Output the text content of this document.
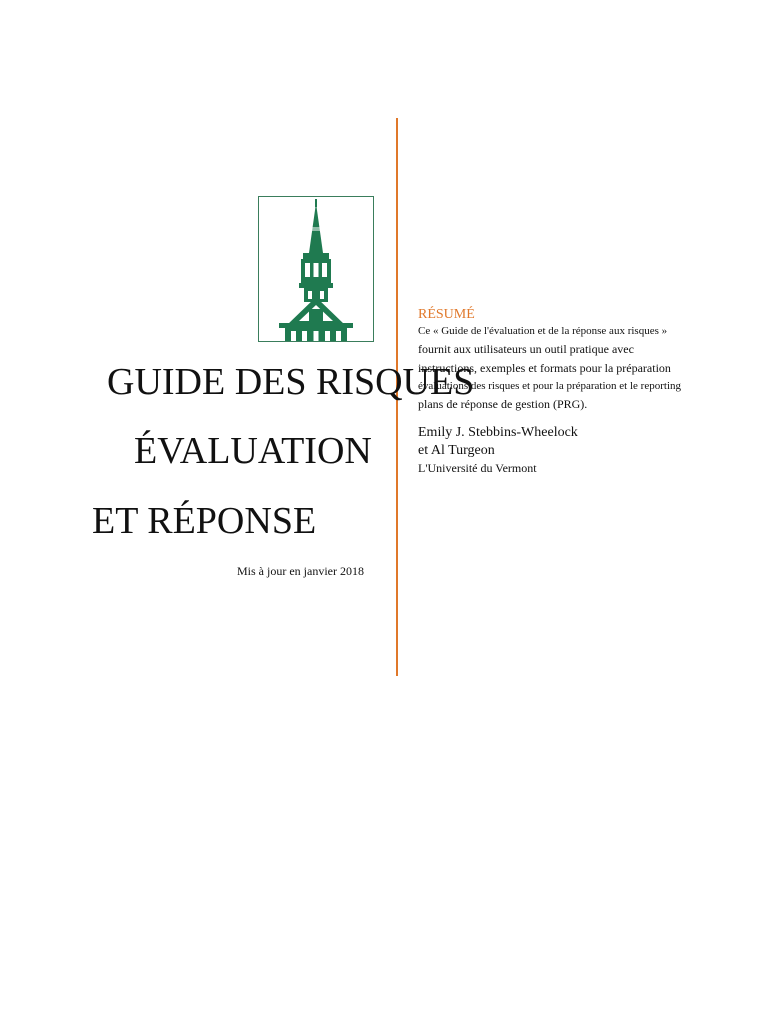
GUIDE DES RISQUES
ÉVALUATION
ET RÉPONSE
Mis à jour en janvier 2018
RÉSUMÉ
Ce « Guide de l'évaluation et de la réponse aux risques »
fournit aux utilisateurs un outil pratique avec
instructions, exemples et formats pour la préparation
évaluations des risques et pour la préparation et le reporting
plans de réponse de gestion (PRG).
Emily J. Stebbins-Wheelock
et Al Turgeon
L'Université du Vermont
